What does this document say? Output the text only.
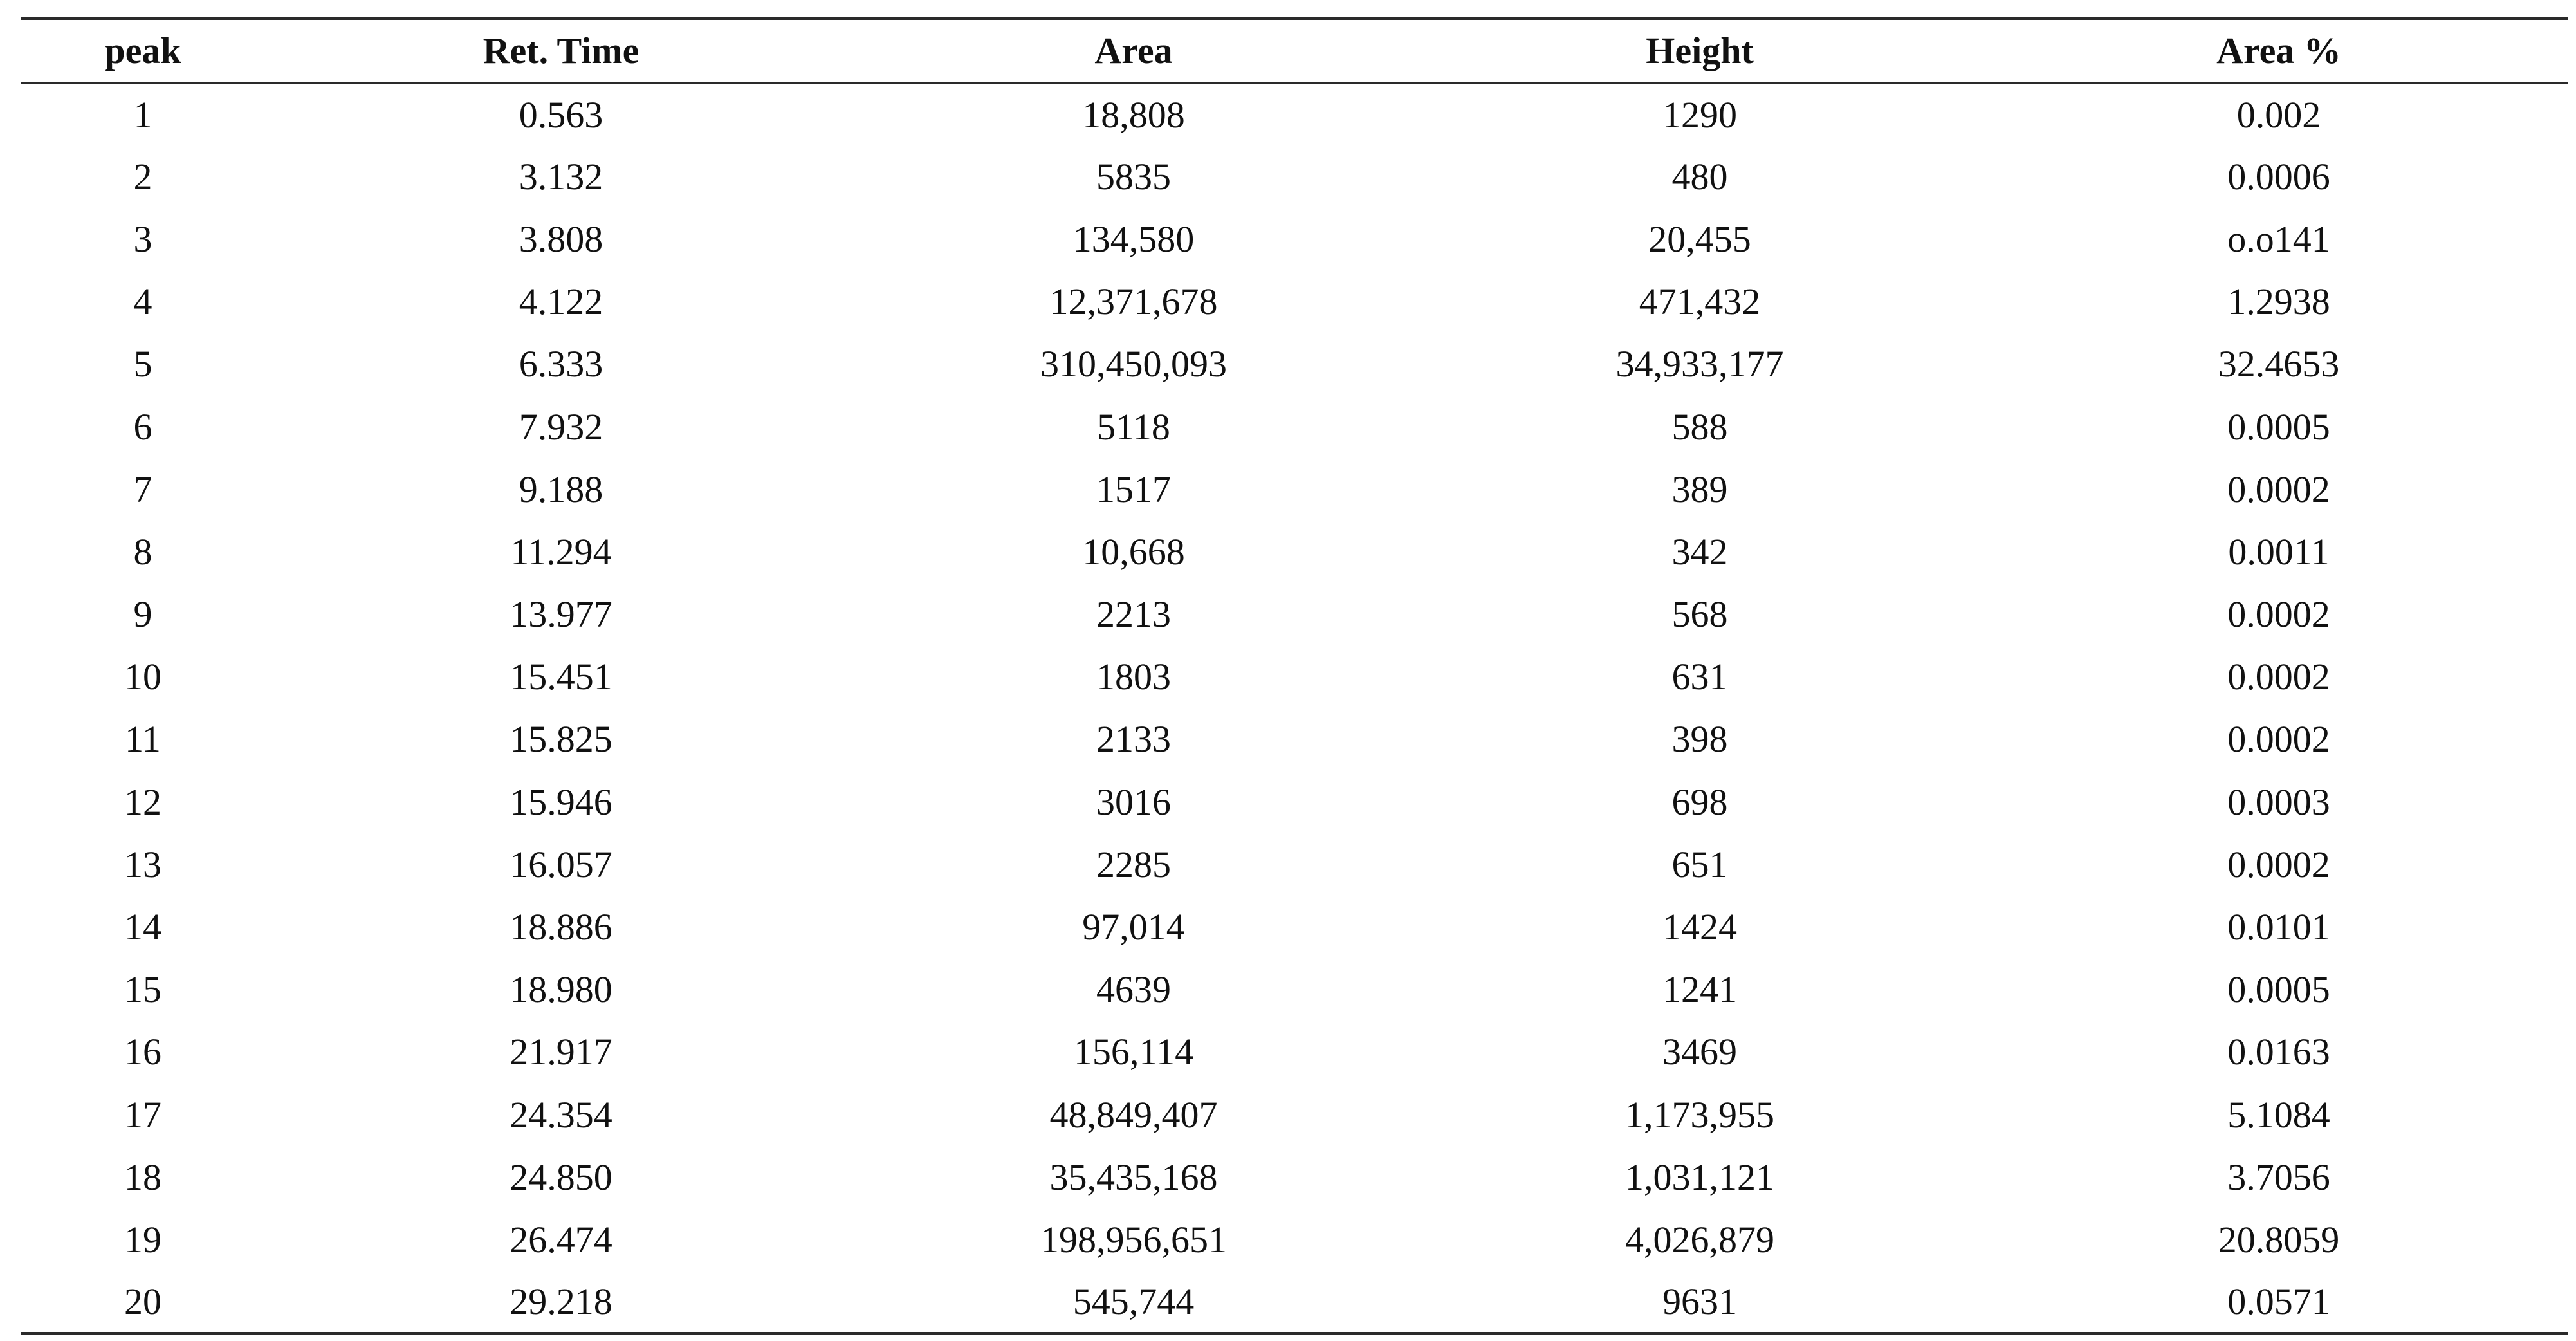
peak	Ret. Time	Area	Height	Area %
1	0.563	18,808	1290	0.002
2	3.132	5835	480	0.0006
3	3.808	134,580	20,455	o.o141
4	4.122	12,371,678	471,432	1.2938
5	6.333	310,450,093	34,933,177	32.4653
6	7.932	5118	588	0.0005
7	9.188	1517	389	0.0002
8	11.294	10,668	342	0.0011
9	13.977	2213	568	0.0002
10	15.451	1803	631	0.0002
11	15.825	2133	398	0.0002
12	15.946	3016	698	0.0003
13	16.057	2285	651	0.0002
14	18.886	97,014	1424	0.0101
15	18.980	4639	1241	0.0005
16	21.917	156,114	3469	0.0163
17	24.354	48,849,407	1,173,955	5.1084
18	24.850	35,435,168	1,031,121	3.7056
19	26.474	198,956,651	4,026,879	20.8059
20	29.218	545,744	9631	0.0571
